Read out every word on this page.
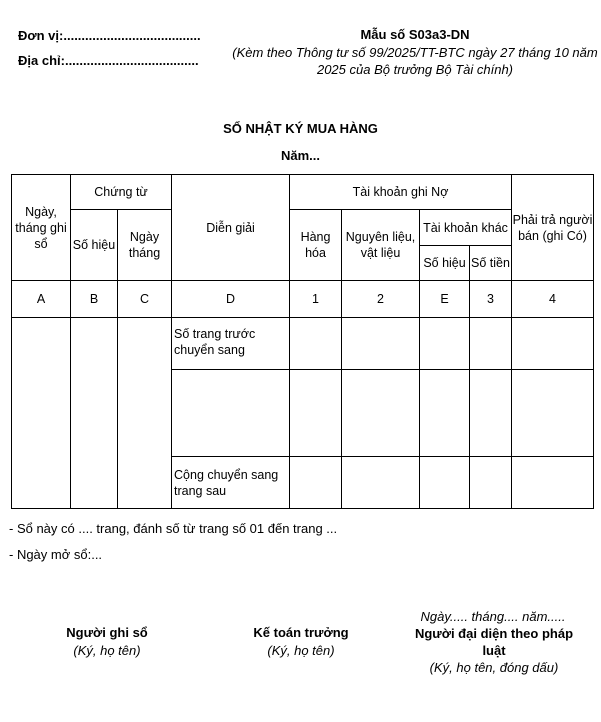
Đơn vị:......................................
Địa chỉ:.....................................
Mẫu số S03a3-DN
(Kèm theo Thông tư số 99/2025/TT-BTC ngày 27 tháng 10 năm 2025 của Bộ trưởng Bộ Tài chính)
SỔ NHẬT KÝ MUA HÀNG
Năm...
Ngày, tháng ghi sổ	Chứng từ		Diễn giải	Tài khoản ghi Nợ				Phải trả người bán (ghi Có)
	Số hiệu	Ngày tháng		Hàng hóa	Nguyên liệu, vật liệu	Tài khoản khác		
						Số hiệu	Số tiền	
A	B	C	D	1	2	E	3	4
			Số trang trước chuyển sang					

			Cộng chuyển sang trang sau					
- Sổ này có .... trang, đánh số từ trang số 01 đến trang ...
- Ngày mở sổ:...
Ngày..... tháng.... năm.....
Người ghi sổ
(Ký, họ tên)
Kế toán trưởng
(Ký, họ tên)
Người đại diện theo pháp luật
(Ký, họ tên, đóng dấu)
